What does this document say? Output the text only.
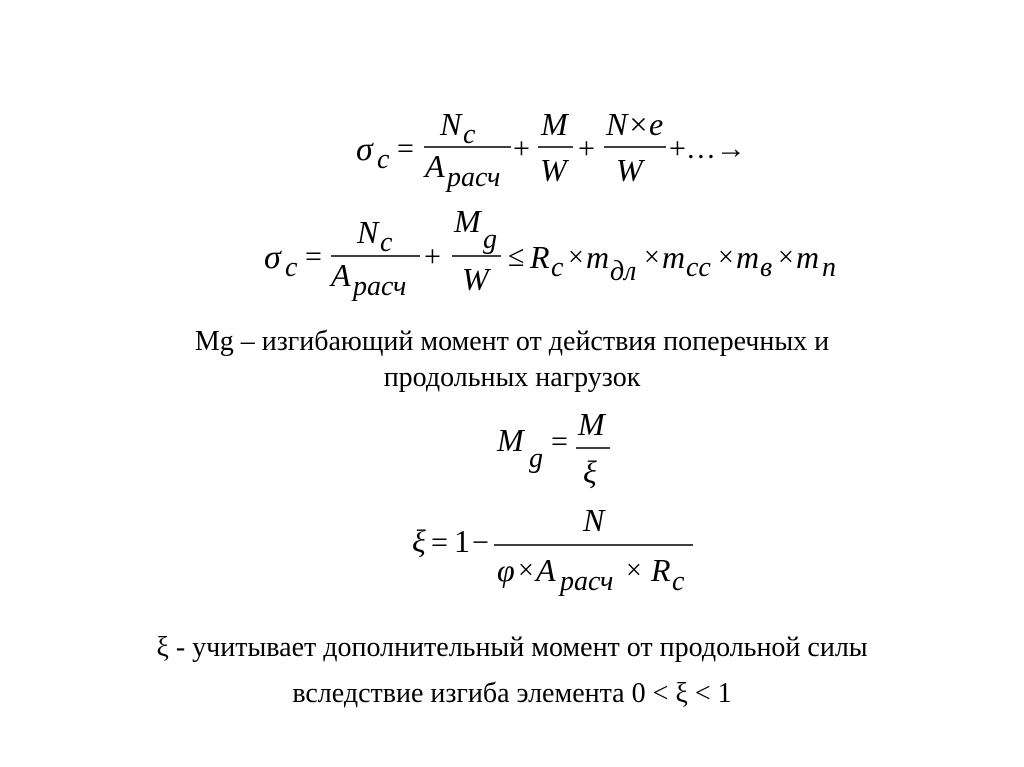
σ c =
N c
A расч
+
M
W
+
N×e
W
+…→
σ c =
N c
A расч
+
M
g
W
≤ R c × m дл × m cc × m в × m n
Mg – изгибающий момент от действия поперечных и
продольных нагрузок
M
g
= M
ξ
ξ = 1 −
N
φ × A расч × R c
ξ - учитывает дополнительный момент от продольной силы
вследствие изгиба элемента 0 < ξ < 1
